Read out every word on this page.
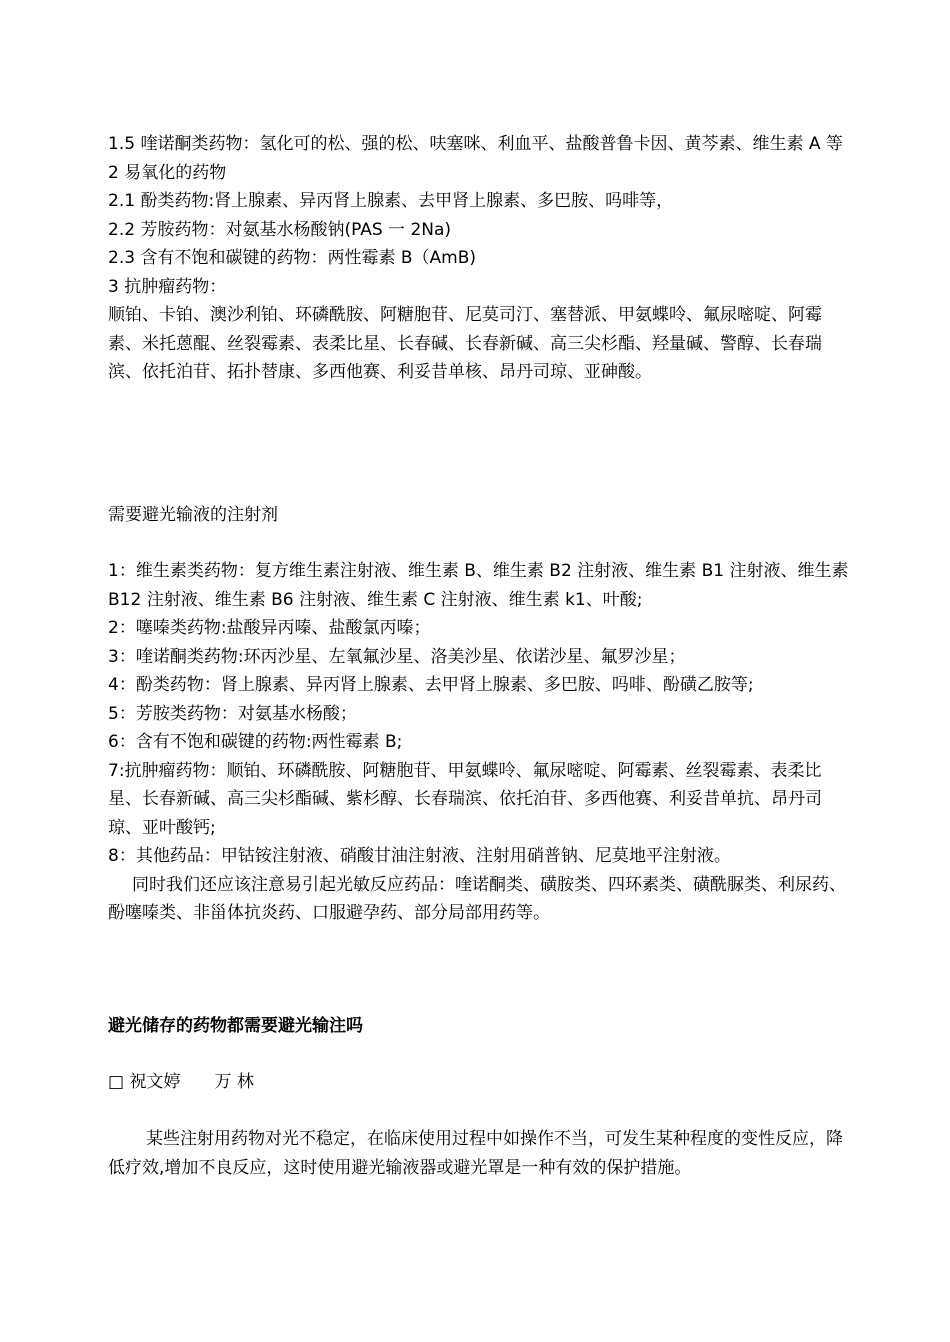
1.5 喹诺酮类药物：氢化可的松、强的松、呋塞咪、利血平、盐酸普鲁卡因、黄芩素、维生素 A 等

2 易氧化的药物

2.1 酚类药物:肾上腺素、异丙肾上腺素、去甲肾上腺素、多巴胺、吗啡等，

2.2 芳胺药物：对氨基水杨酸钠(PAS 一 2Na)

2.3 含有不饱和碳键的药物：两性霉素 B（AmB)

3 抗肿瘤药物：

顺铂、卡铂、澳沙利铂、环磷酰胺、阿糖胞苷、尼莫司汀、塞替派、甲氨蝶呤、氟尿嘧啶、阿霉素、米托蒽醌、丝裂霉素、表柔比星、长春碱、长春新碱、高三尖杉酯、羟量碱、警醇、长春瑞滨、依托泊苷、拓扑替康、多西他赛、利妥昔单核、昂丹司琼、亚砷酸。

需要避光输液的注射剂

1：维生素类药物：复方维生素注射液、维生素 B、维生素 B2 注射液、维生素 B1 注射液、维生素 B12 注射液、维生素 B6 注射液、维生素 C 注射液、维生素 k1、叶酸;

2：噻嗪类药物:盐酸异丙嗪、盐酸氯丙嗪；

3：喹诺酮类药物:环丙沙星、左氧氟沙星、洛美沙星、依诺沙星、氟罗沙星；

4：酚类药物：肾上腺素、异丙肾上腺素、去甲肾上腺素、多巴胺、吗啡、酚磺乙胺等;

5：芳胺类药物：对氨基水杨酸；

6：含有不饱和碳键的药物:两性霉素 B;

7:抗肿瘤药物：顺铂、环磷酰胺、阿糖胞苷、甲氨蝶呤、氟尿嘧啶、阿霉素、丝裂霉素、表柔比星、长春新碱、高三尖杉酯碱、紫杉醇、长春瑞滨、依托泊苷、多西他赛、利妥昔单抗、昂丹司琼、亚叶酸钙;

8：其他药品：甲钴铵注射液、硝酸甘油注射液、注射用硝普钠、尼莫地平注射液。

同时我们还应该注意易引起光敏反应药品：喹诺酮类、磺胺类、四环素类、磺酰脲类、利尿药、酚噻嗪类、非甾体抗炎药、口服避孕药、部分局部用药等。

避光储存的药物都需要避光输注吗

□ 祝文婷　　万 林

某些注射用药物对光不稳定，在临床使用过程中如操作不当，可发生某种程度的变性反应，降低疗效,增加不良反应，这时使用避光输液器或避光罩是一种有效的保护措施。
